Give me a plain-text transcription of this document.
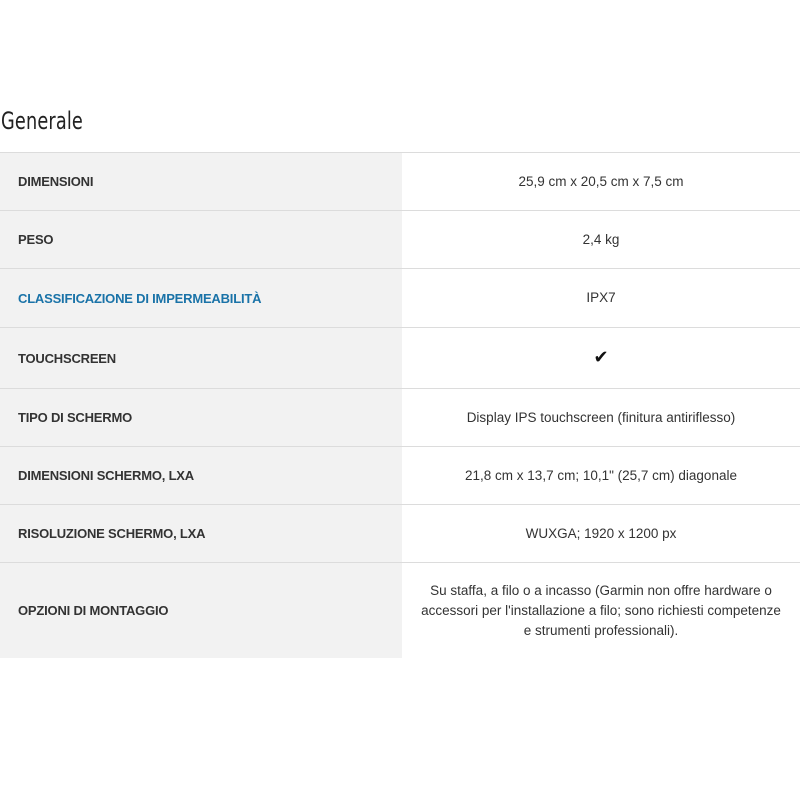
Generale
DIMENSIONI	25,9 cm x 20,5 cm x 7,5 cm
PESO	2,4 kg
CLASSIFICAZIONE DI IMPERMEABILITÀ	IPX7
TOUCHSCREEN	✔
TIPO DI SCHERMO	Display IPS touchscreen (finitura antiriflesso)
DIMENSIONI SCHERMO, LXA	21,8 cm x 13,7 cm; 10,1" (25,7 cm) diagonale
RISOLUZIONE SCHERMO, LXA	WUXGA; 1920 x 1200 px
OPZIONI DI MONTAGGIO	Su staffa, a filo o a incasso (Garmin non offre hardware o accessori per l'installazione a filo; sono richiesti competenze e strumenti professionali).
